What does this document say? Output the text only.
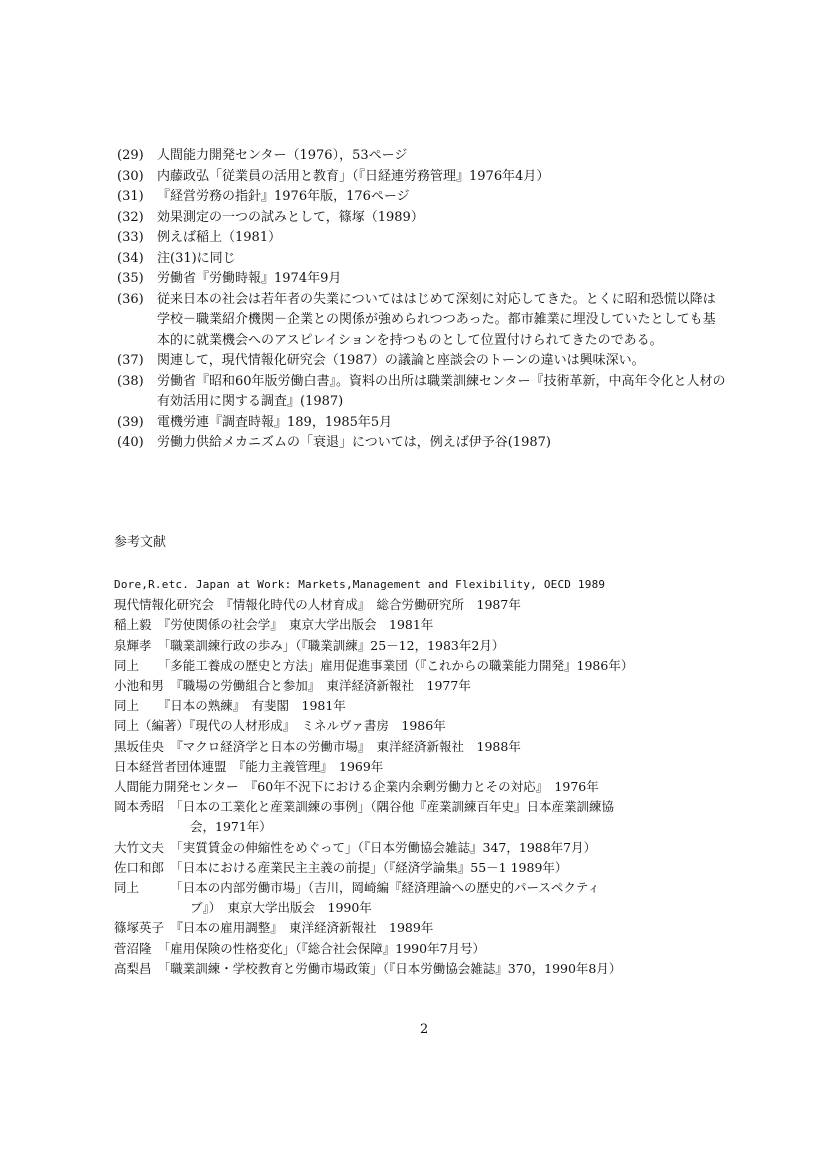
(29)	人間能力開発センター（1976），53ページ
(30)	内藤政弘「従業員の活用と教育」（『日経連労務管理』1976年4月）
(31)	『経営労務の指針』1976年版，176ページ
(32)	効果測定の一つの試みとして，篠塚（1989）
(33)	例えば稲上（1981）
(34)	注(31)に同じ
(35)	労働省『労働時報』1974年9月
(36)	従来日本の社会は若年者の失業についてははじめて深刻に対応してきた。とくに昭和恐慌以降は学校－職業紹介機関－企業との関係が強められつつあった。都市雑業に埋没していたとしても基本的に就業機会へのアスピレイションを持つものとして位置付けられてきたのである。
(37)	関連して，現代情報化研究会（1987）の議論と座談会のトーンの違いは興味深い。
(38)	労働省『昭和60年版労働白書』。資料の出所は職業訓練センター『技術革新，中高年令化と人材の有効活用に関する調査』(1987)
(39)	電機労連『調査時報』189，1985年5月
(40)	労働力供給メカニズムの「衰退」については，例えば伊予谷(1987)
参考文献
Dore,R.etc. Japan at Work: Markets,Management and Flexibility, OECD 1989
現代情報化研究会　『情報化時代の人材育成』　総合労働研究所　1987年
稲上毅　『労使関係の社会学』　東京大学出版会　1981年
泉輝孝　「職業訓練行政の歩み」（『職業訓練』25－12，1983年2月）
同上　　「多能工養成の歴史と方法」雇用促進事業団（『これからの職業能力開発』1986年）
小池和男　『職場の労働組合と参加』　東洋経済新報社　1977年
同上　　『日本の熟練』　有斐閣　1981年
同上（編著）『現代の人材形成』　ミネルヴァ書房　1986年
黒坂佳央　『マクロ経済学と日本の労働市場』　東洋経済新報社　1988年
日本経営者団体連盟　『能力主義管理』　1969年
人間能力開発センター　『60年不況下における企業内余剰労働力とその対応』　1976年
岡本秀昭　「日本の工業化と産業訓練の事例」（隅谷他『産業訓練百年史』日本産業訓練協
会，1971年）
大竹文夫　「実質賃金の伸縮性をめぐって」（『日本労働協会雑誌』347，1988年7月）
佐口和郎　「日本における産業民主主義の前提」（『経済学論集』55－1 1989年）
同上　　　「日本の内部労働市場」（吉川，岡崎編『経済理論への歴史的パースペクティ
ブ』）　東京大学出版会　1990年
篠塚英子　『日本の雇用調整』　東洋経済新報社　1989年
菅沼隆　「雇用保険の性格変化」（『総合社会保障』1990年7月号）
高梨昌　「職業訓練・学校教育と労働市場政策」（『日本労働協会雑誌』370，1990年8月）
2
